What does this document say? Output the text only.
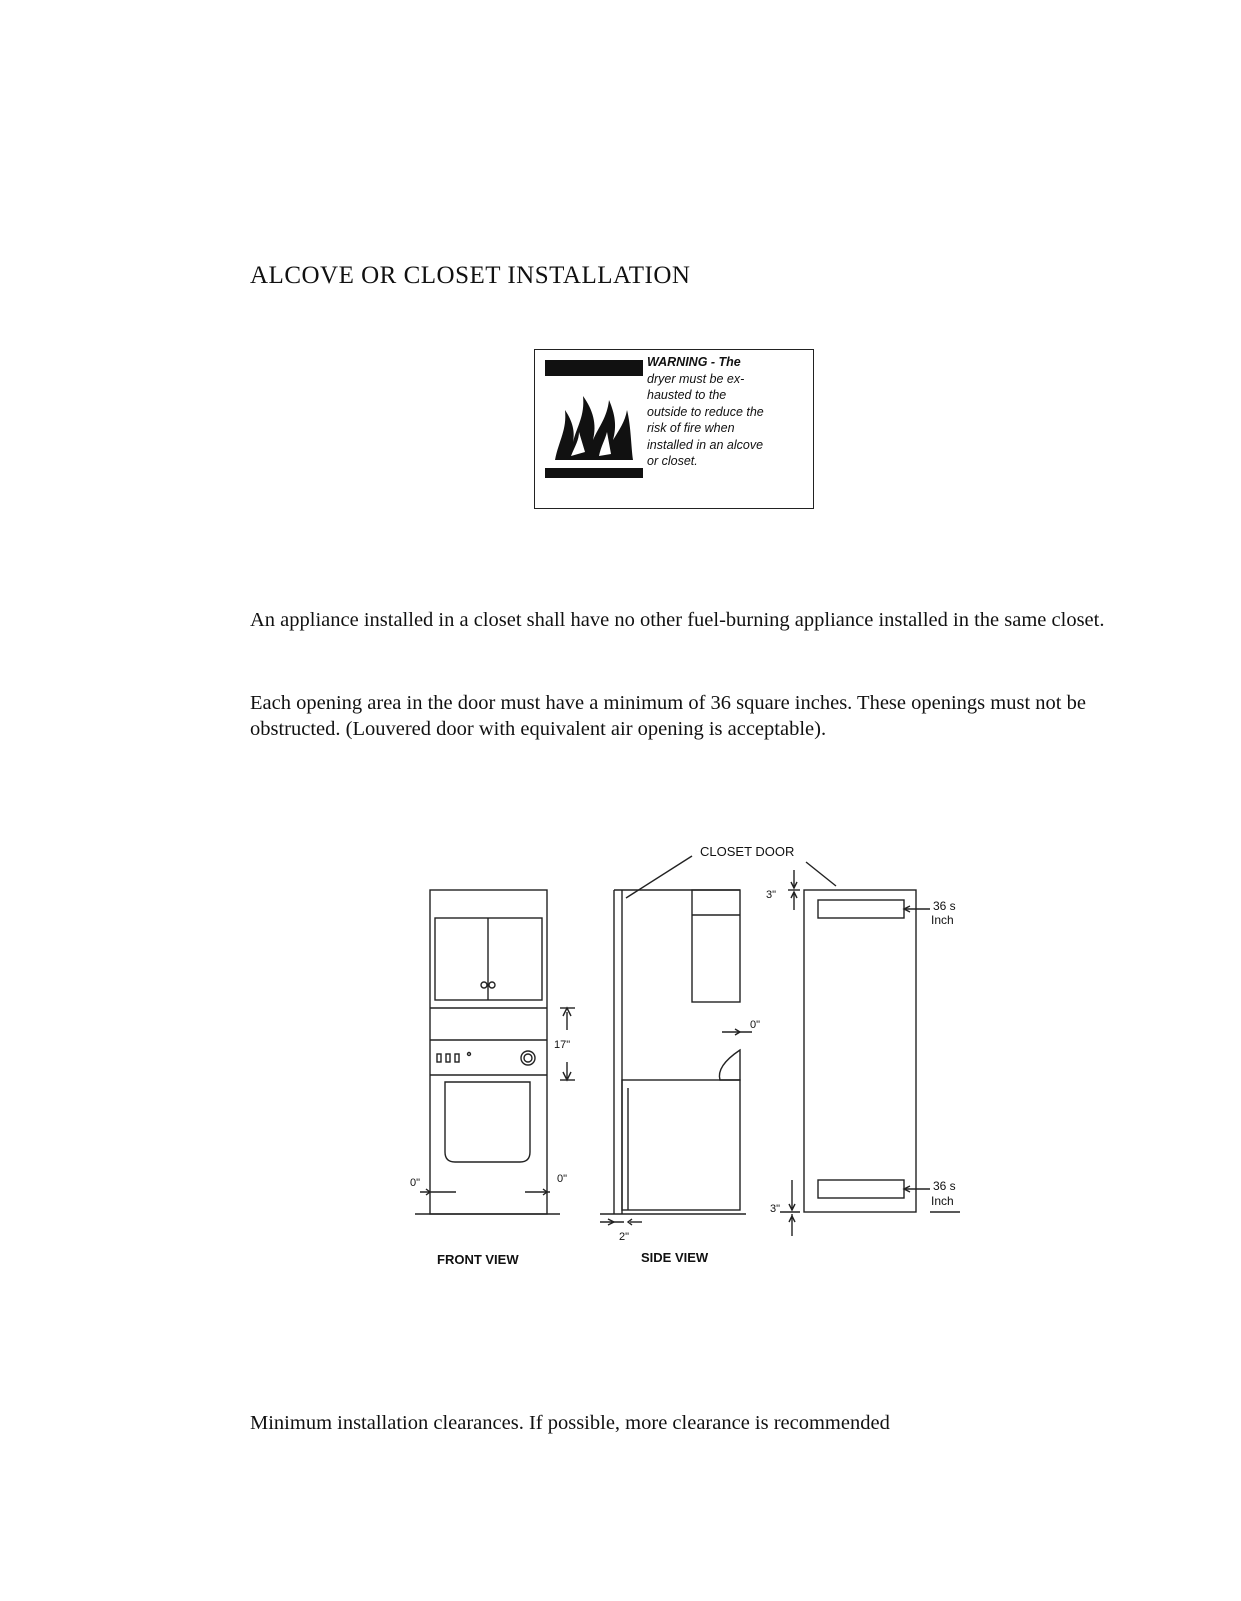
ALCOVE OR CLOSET INSTALLATION
WARNING - The
dryer must be ex-
hausted to the
outside to reduce the
risk of fire when
installed in an alcove
or closet.
An appliance installed in a closet shall have no other fuel-burning appliance installed in the same closet.
Each opening area in the door must have a minimum of 36 square inches. These openings must not be obstructed. (Louvered door with equivalent air opening is acceptable).
CLOSET DOOR
17"
0"	0"
0"
2"
3"
3"
36 s
Inch
36 s
Inch
FRONT VIEW	SIDE VIEW
Minimum installation clearances. If possible, more clearance is recommended
